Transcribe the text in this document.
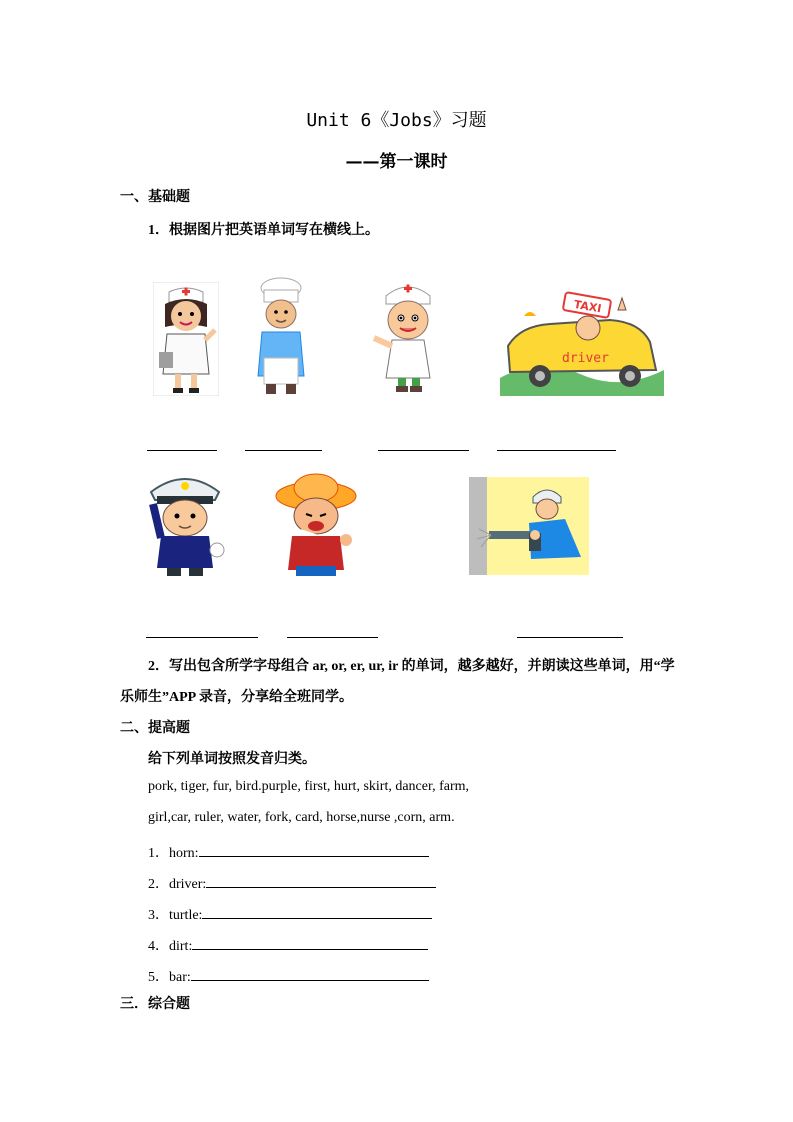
Unit 6《Jobs》习题
——第一课时
一、基础题
1．根据图片把英语单词写在横线上。
TAXI
driver
2．写出包含所学字母组合 ar, or, er, ur, ir 的单词，越多越好，并朗读这些单词，用“学
乐师生”APP 录音，分享给全班同学。
二、提高题
给下列单词按照发音归类。
pork, tiger, fur, bird.purple, first, hurt, skirt, dancer, farm,
girl,car, ruler, water, fork, card, horse,nurse ,corn, arm.
1．horn:
2．driver:
3．turtle:
4．dirt:
5．bar:
三．综合题
